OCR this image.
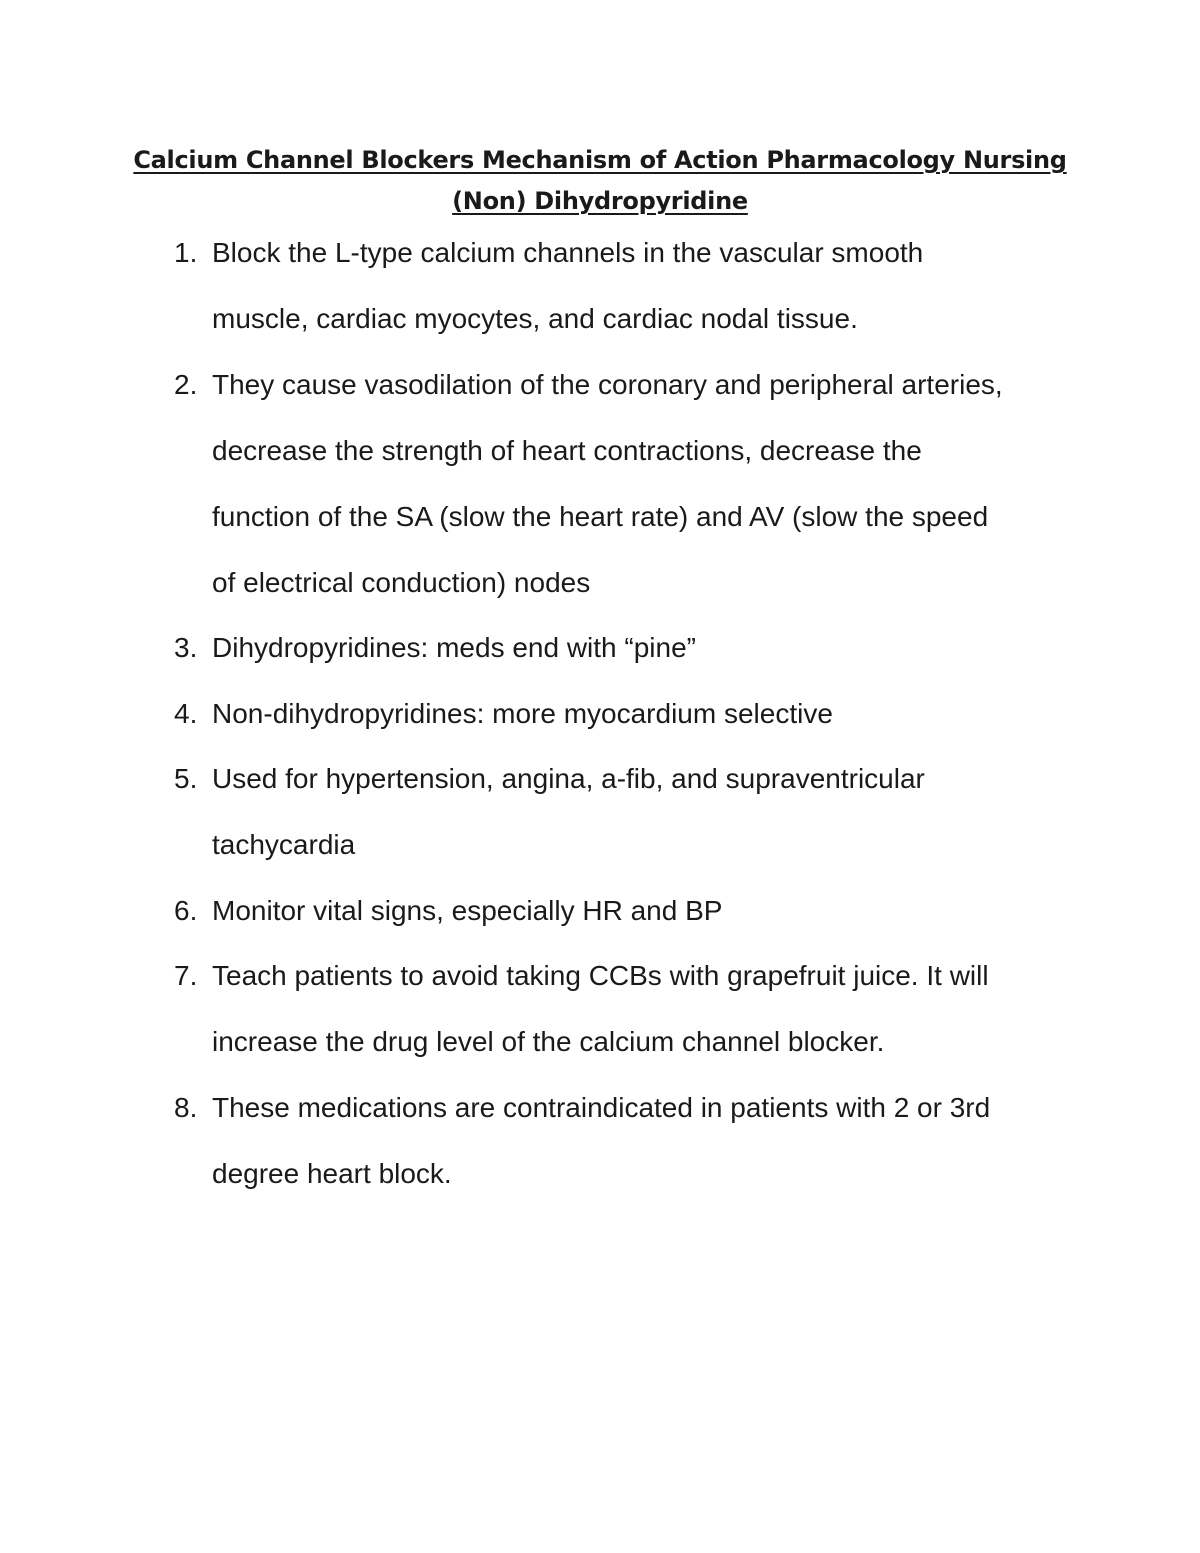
Calcium Channel Blockers Mechanism of Action Pharmacology Nursing
(Non) Dihydropyridine
1. Block the L-type calcium channels in the vascular smooth
muscle, cardiac myocytes, and cardiac nodal tissue.
2. They cause vasodilation of the coronary and peripheral arteries,
decrease the strength of heart contractions, decrease the
function of the SA (slow the heart rate) and AV (slow the speed
of electrical conduction) nodes
3. Dihydropyridines: meds end with “pine”
4. Non-dihydropyridines: more myocardium selective
5. Used for hypertension, angina, a-fib, and supraventricular
tachycardia
6. Monitor vital signs, especially HR and BP
7. Teach patients to avoid taking CCBs with grapefruit juice. It will
increase the drug level of the calcium channel blocker.
8. These medications are contraindicated in patients with 2 or 3rd
degree heart block.
